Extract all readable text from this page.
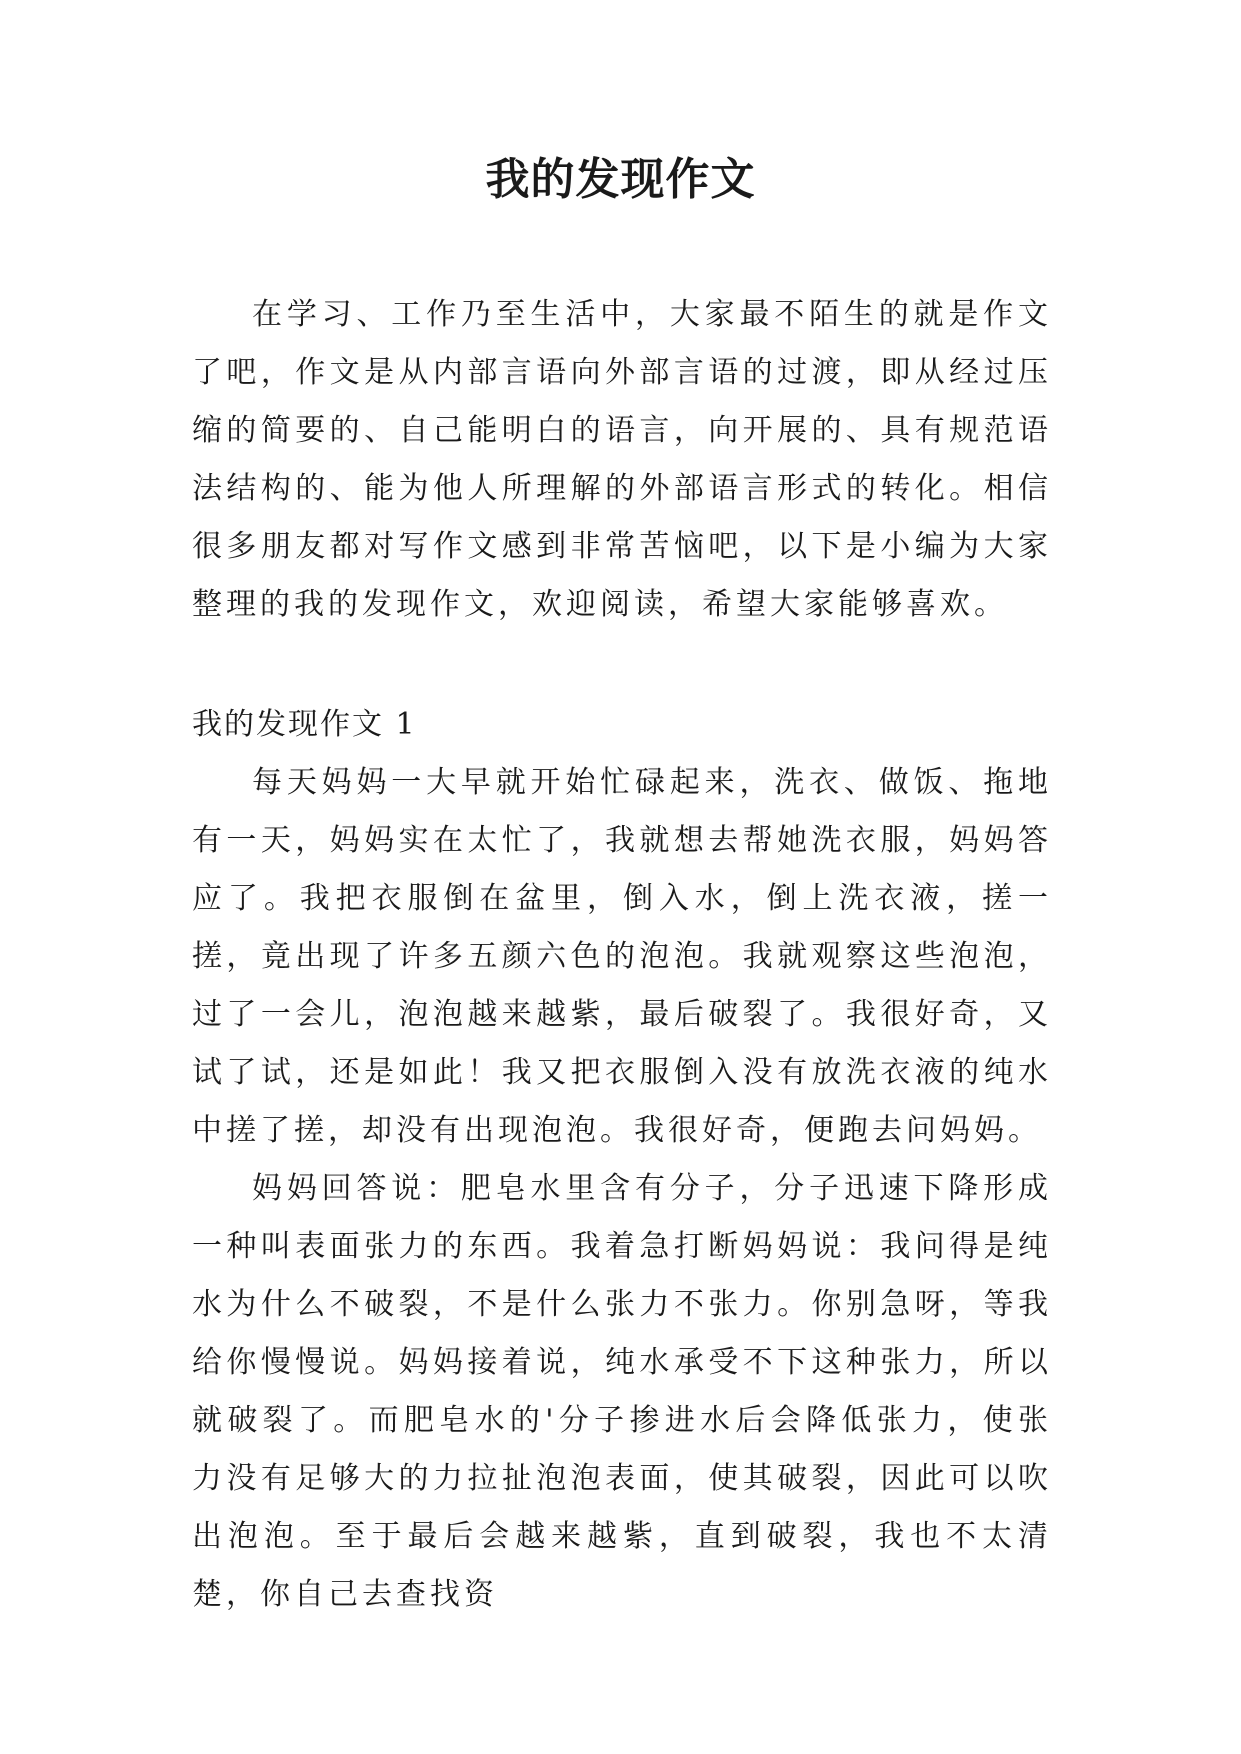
我的发现作文

在学习、工作乃至生活中，大家最不陌生的就是作文了吧，作文是从内部言语向外部言语的过渡，即从经过压缩的简要的、自己能明白的语言，向开展的、具有规范语法结构的、能为他人所理解的外部语言形式的转化。相信很多朋友都对写作文感到非常苦恼吧，以下是小编为大家整理的我的发现作文，欢迎阅读，希望大家能够喜欢。

我的发现作文 1

每天妈妈一大早就开始忙碌起来，洗衣、做饭、拖地有一天，妈妈实在太忙了，我就想去帮她洗衣服，妈妈答应了。我把衣服倒在盆里，倒入水，倒上洗衣液，搓一搓，竟出现了许多五颜六色的泡泡。我就观察这些泡泡，过了一会儿，泡泡越来越紫，最后破裂了。我很好奇，又试了试，还是如此！我又把衣服倒入没有放洗衣液的纯水中搓了搓，却没有出现泡泡。我很好奇，便跑去问妈妈。

妈妈回答说：肥皂水里含有分子，分子迅速下降形成一种叫表面张力的东西。我着急打断妈妈说：我问得是纯水为什么不破裂，不是什么张力不张力。你别急呀，等我给你慢慢说。妈妈接着说，纯水承受不下这种张力，所以就破裂了。而肥皂水的'分子掺进水后会降低张力，使张力没有足够大的力拉扯泡泡表面，使其破裂，因此可以吹出泡泡。至于最后会越来越紫，直到破裂，我也不太清楚，你自己去查找资
